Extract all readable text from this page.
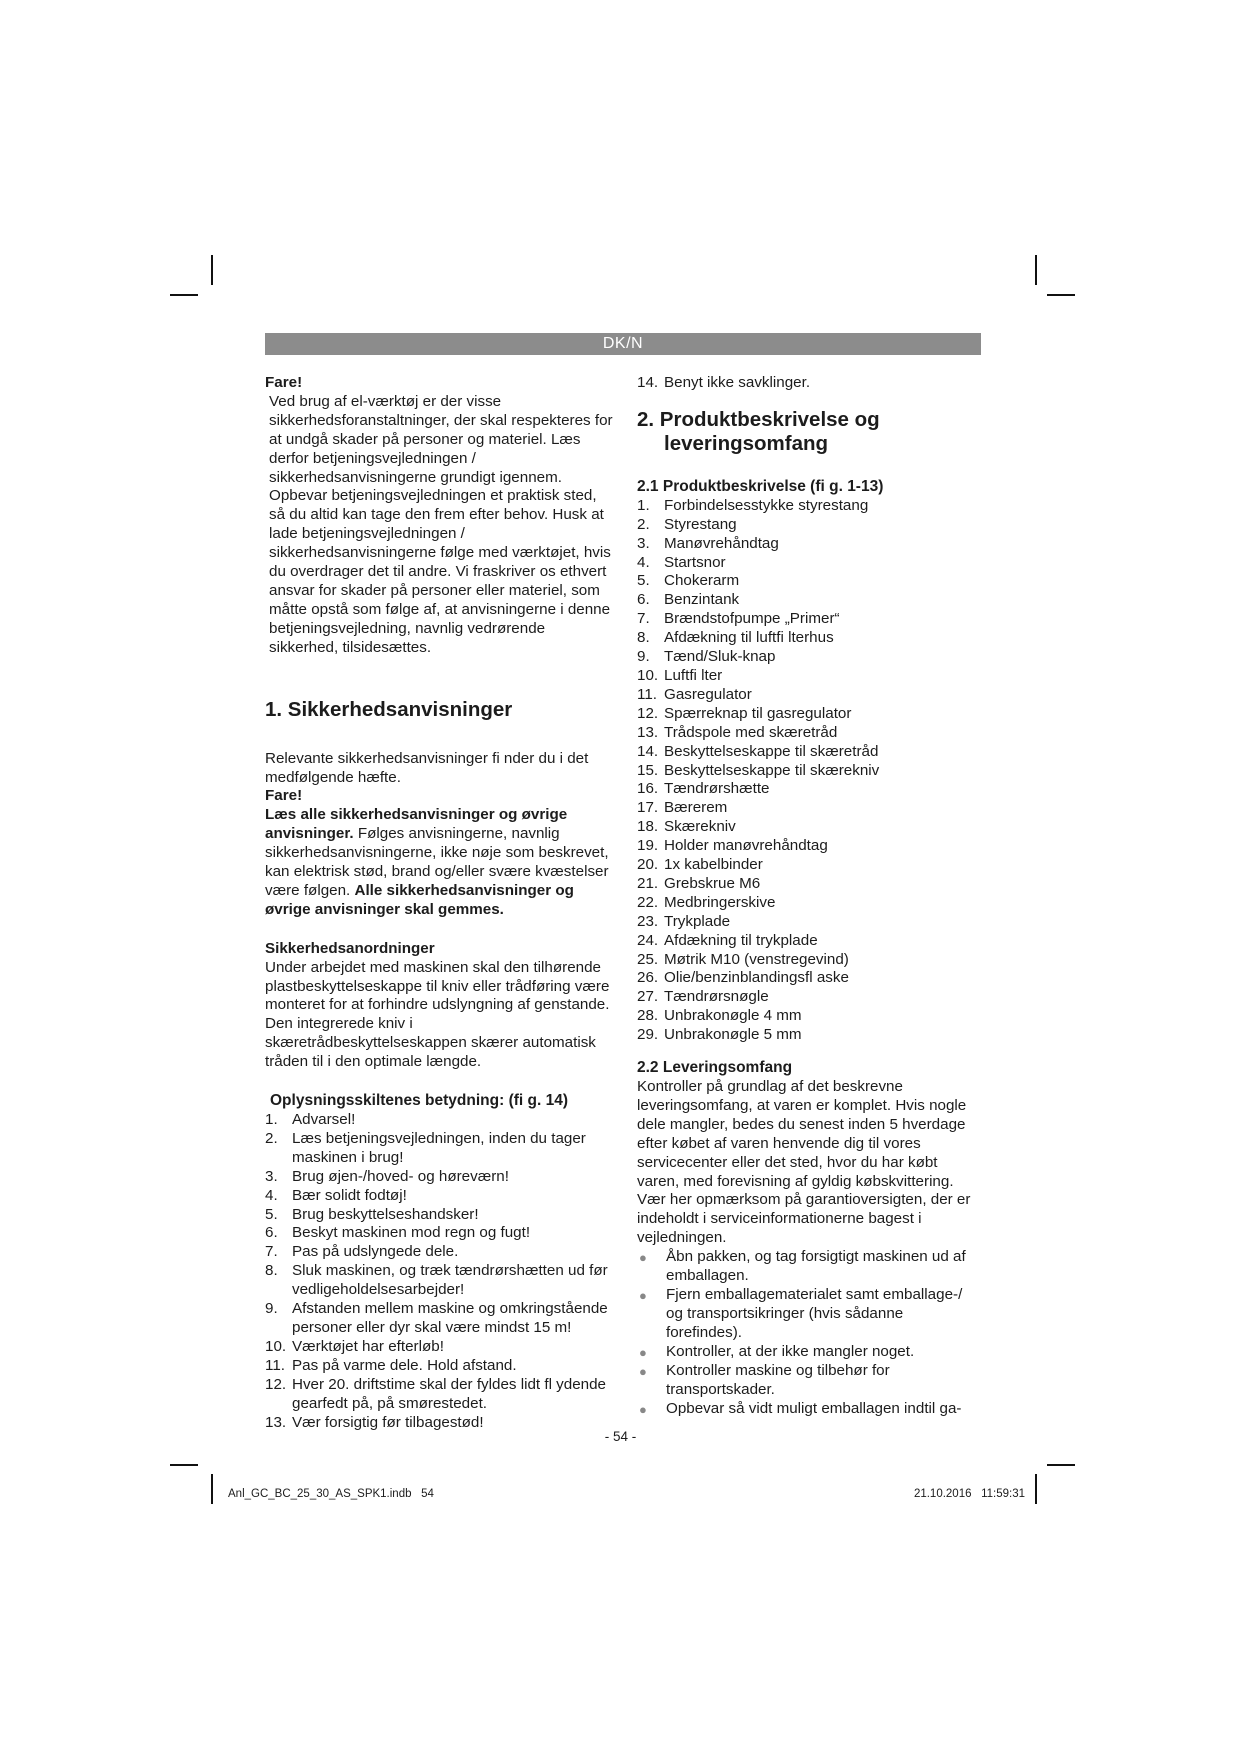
DK/N

Fare!

Ved brug af el-værktøj er der visse sikkerhedsforanstaltninger, der skal respekteres for at undgå skader på personer og materiel. Læs derfor betjeningsvejledningen / sikkerhedsanvisningerne grundigt igennem. Opbevar betjeningsvejledningen et praktisk sted, så du altid kan tage den frem efter behov. Husk at lade betjeningsvejledningen / sikkerhedsanvisningerne følge med værktøjet, hvis du overdrager det til andre. Vi fraskriver os ethvert ansvar for skader på personer eller materiel, som måtte opstå som følge af, at anvisningerne i denne betjeningsvejledning, navnlig vedrørende sikkerhed, tilsidesættes.

1. Sikkerhedsanvisninger

Relevante sikkerhedsanvisninger fi nder du i det medfølgende hæfte.

Fare!

Læs alle sikkerhedsanvisninger og øvrige anvisninger. Følges anvisningerne, navnlig sikkerhedsanvisningerne, ikke nøje som beskrevet, kan elektrisk stød, brand og/eller svære kvæstelser være følgen. Alle sikkerhedsanvisninger og øvrige anvisninger skal gemmes.

Sikkerhedsanordninger

Under arbejdet med maskinen skal den tilhørende plastbeskyttelseskappe til kniv eller trådføring være monteret for at forhindre udslyngning af genstande. Den integrerede kniv i skæretrådbeskyttelseskappen skærer automatisk tråden til i den optimale længde.

Oplysningsskiltenes betydning: (fi g. 14)

1. Advarsel!
2. Læs betjeningsvejledningen, inden du tager maskinen i brug!
3. Brug øjen-/hoved- og høreværn!
4. Bær solidt fodtøj!
5. Brug beskyttelseshandsker!
6. Beskyt maskinen mod regn og fugt!
7. Pas på udslyngede dele.
8. Sluk maskinen, og træk tændrørshætten ud før vedligeholdelsesarbejder!
9. Afstanden mellem maskine og omkringstående personer eller dyr skal være mindst 15 m!
10. Værktøjet har efterløb!
11. Pas på varme dele. Hold afstand.
12. Hver 20. driftstime skal der fyldes lidt fl ydende gearfedt på, på smørestedet.
13. Vær forsigtig før tilbagestød!
14. Benyt ikke savklinger.

2. Produktbeskrivelse og leveringsomfang

2.1 Produktbeskrivelse (fi g. 1-13)

1. Forbindelsesstykke styrestang
2. Styrestang
3. Manøvrehåndtag
4. Startsnor
5. Chokerarm
6. Benzintank
7. Brændstofpumpe „Primer“
8. Afdækning til luftfi lterhus
9. Tænd/Sluk-knap
10. Luftfi lter
11. Gasregulator
12. Spærreknap til gasregulator
13. Trådspole med skæretråd
14. Beskyttelseskappe til skæretråd
15. Beskyttelseskappe til skærekniv
16. Tændrørshætte
17. Bærerem
18. Skærekniv
19. Holder manøvrehåndtag
20. 1x kabelbinder
21. Grebskrue M6
22. Medbringerskive
23. Trykplade
24. Afdækning til trykplade
25. Møtrik M10 (venstregevind)
26. Olie/benzinblandingsfl aske
27. Tændrørsnøgle
28. Unbrakonøgle 4 mm
29. Unbrakonøgle 5 mm

2.2 Leveringsomfang

Kontroller på grundlag af det beskrevne leveringsomfang, at varen er komplet. Hvis nogle dele mangler, bedes du senest inden 5 hverdage efter købet af varen henvende dig til vores servicecenter eller det sted, hvor du har købt varen, med forevisning af gyldig købskvittering. Vær her opmærksom på garantioversigten, der er indeholdt i serviceinformationerne bagest i vejledningen.

●	Åbn pakken, og tag forsigtigt maskinen ud af emballagen.
●	Fjern emballagematerialet samt emballage-/ og transportsikringer (hvis sådanne forefindes).
●	Kontroller, at der ikke mangler noget.
●	Kontroller maskine og tilbehør for transportskader.
●	Opbevar så vidt muligt emballagen indtil ga-
- 54 -
Anl_GC_BC_25_30_AS_SPK1.indb   54	21.10.2016   11:59:31
